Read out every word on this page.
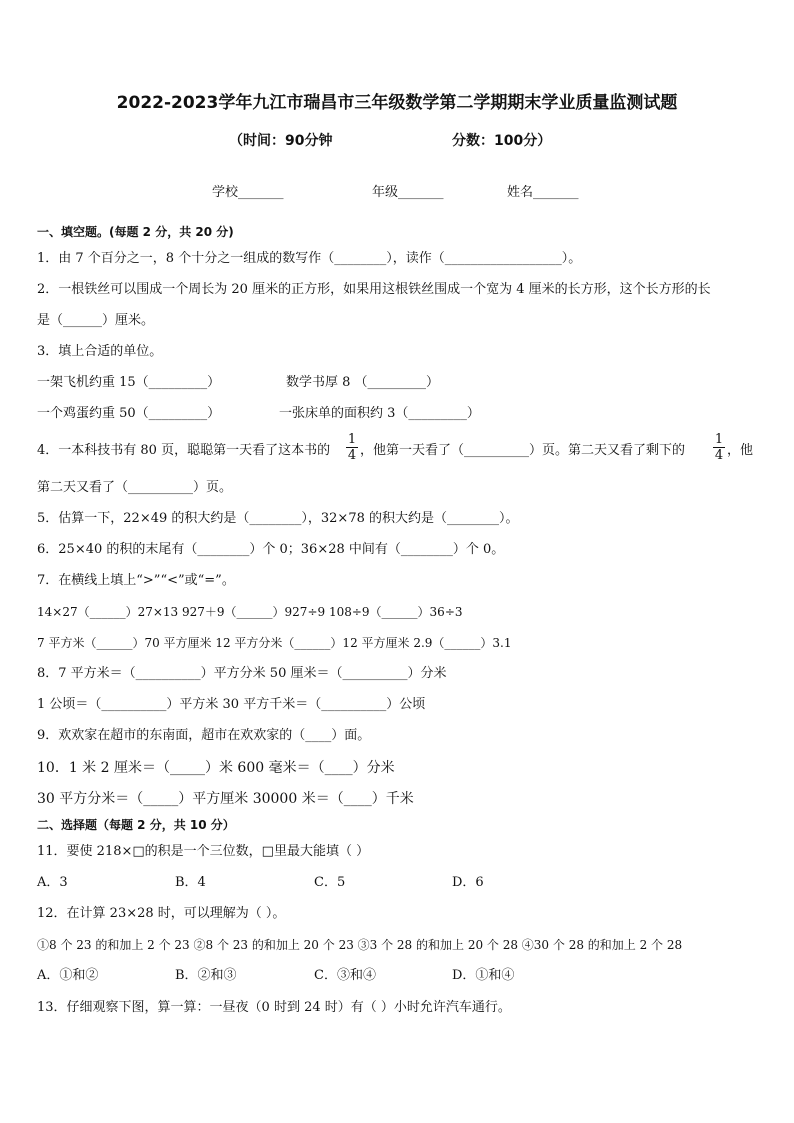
2022-2023学年九江市瑞昌市三年级数学第二学期期末学业质量监测试题
（时间：90分钟	分数：100分）
学校_______	年级_______	姓名_______
一、填空题。(每题 2 分，共 20 分)
1．由 7 个百分之一，8 个十分之一组成的数写作（________），读作（__________________）。
2．一根铁丝可以围成一个周长为 20 厘米的正方形，如果用这根铁丝围成一个宽为 4 厘米的长方形，这个长方形的长
是（______）厘米。
3．填上合适的单位。
一架飞机约重 15（_________）	数学书厚 8 （_________）
一个鸡蛋约重 50（_________）	一张床单的面积约 3（_________）
4．一本科技书有 80 页，聪聪第一天看了这本书的 $\frac{1}{4}$ ，他第一天看了（__________）页。第二天又看了剩下的 $\frac{1}{4}$ ，他
第二天又看了（__________）页。
5．估算一下，22×49 的积大约是（________），32×78 的积大约是（________）。
6．25×40 的积的末尾有（________）个 0；36×28 中间有（________）个 0。
7．在横线上填上“>”“<”或“=”。
14×27（______）27×13 927＋9（______）927÷9 108÷9（______）36÷3
7 平方米（______）70 平方厘米 12 平方分米（______）12 平方厘米 2.9（______）3.1
8．7 平方米＝（__________）平方分米 50 厘米＝（__________）分米
1 公顷＝（__________）平方米 30 平方千米＝（__________）公顷
9．欢欢家在超市的东南面，超市在欢欢家的（____）面。
10．1 米 2 厘米＝（_____）米 600 毫米＝（____）分米
30 平方分米＝（_____）平方厘米 30000 米＝（____）千米
二、选择题（每题 2 分，共 10 分）
11．要使 218×□的积是一个三位数，□里最大能填（ ）
A．3	B．4	C．5	D．6
12．在计算 23×28 时，可以理解为（ ）。
①8 个 23 的和加上 2 个 23 ②8 个 23 的和加上 20 个 23 ③3 个 28 的和加上 20 个 28 ④30 个 28 的和加上 2 个 28
A．①和②	B．②和③	C．③和④	D．①和④
13．仔细观察下图，算一算：一昼夜（0 时到 24 时）有（ ）小时允许汽车通行。
